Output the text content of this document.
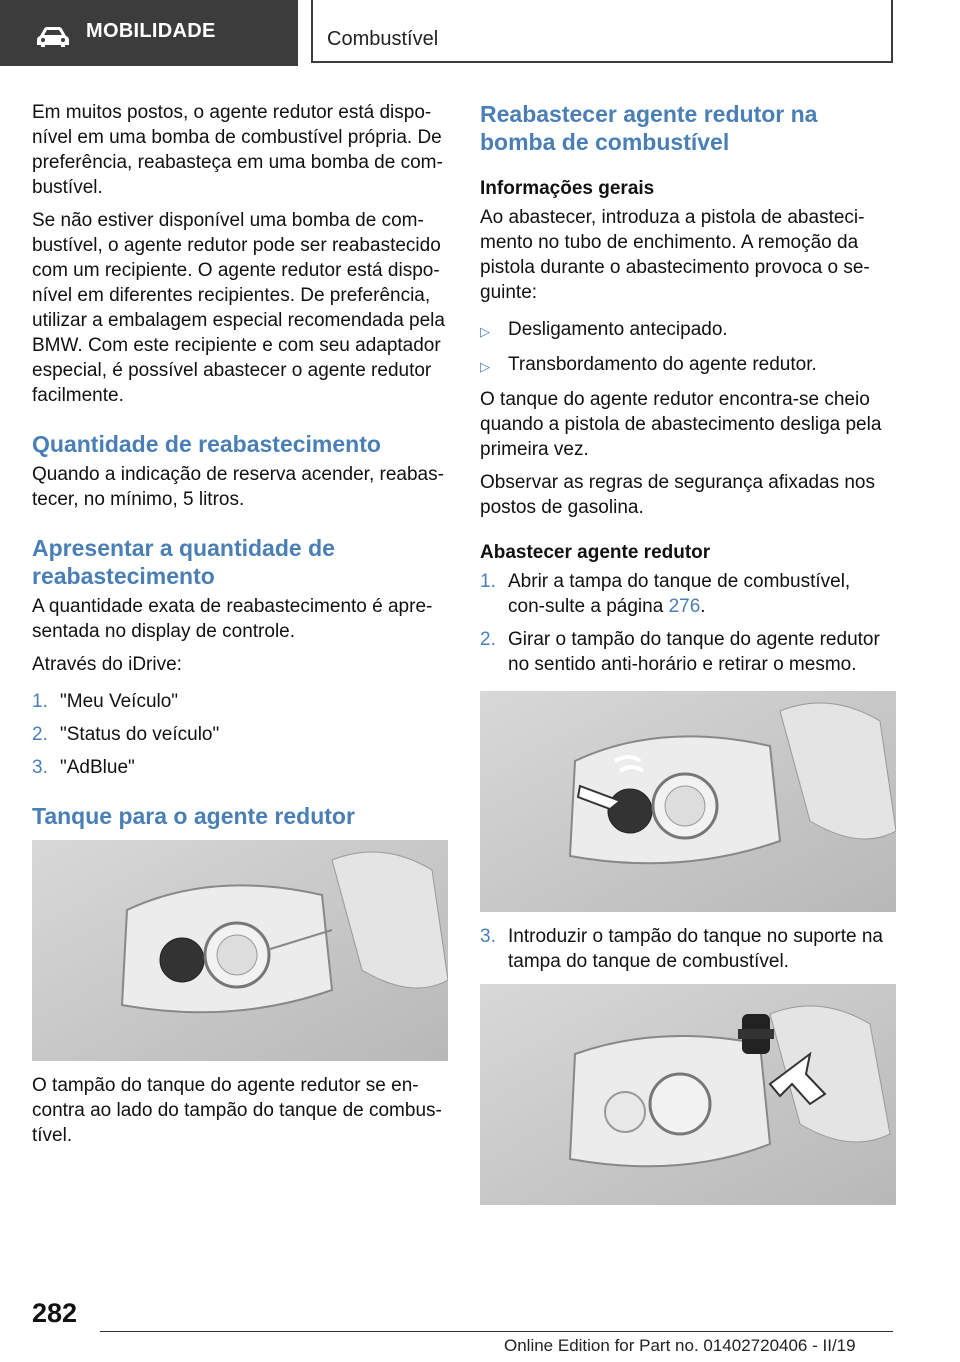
MOBILIDADE	Combustível

Em muitos postos, o agente redutor está dispo-nível em uma bomba de combustível própria. De preferência, reabasteça em uma bomba de com-bustível.

Se não estiver disponível uma bomba de com-bustível, o agente redutor pode ser reabastecido com um recipiente. O agente redutor está dispo-nível em diferentes recipientes. De preferência, utilizar a embalagem especial recomendada pela BMW. Com este recipiente e com seu adaptador especial, é possível abastecer o agente redutor facilmente.

Quantidade de reabastecimento

Quando a indicação de reserva acender, reabas-tecer, no mínimo, 5 litros.

Apresentar a quantidade de reabastecimento

A quantidade exata de reabastecimento é apre-sentada no display de controle.

Através do iDrive:

1. "Meu Veículo"
2. "Status do veículo"
3. "AdBlue"
Tanque para o agente redutor

O tampão do tanque do agente redutor se en-contra ao lado do tampão do tanque de combus-tível.

Reabastecer agente redutor na bomba de combustível
Informações gerais

Ao abastecer, introduza a pistola de abasteci-mento no tubo de enchimento. A remoção da pistola durante o abastecimento provoca o se-guinte:

▷ Desligamento antecipado.
▷ Transbordamento do agente redutor.

O tanque do agente redutor encontra-se cheio quando a pistola de abastecimento desliga pela primeira vez.

Observar as regras de segurança afixadas nos postos de gasolina.

Abastecer agente redutor
1. Abrir a tampa do tanque de combustível, con-sulte a página 276.
2. Girar o tampão do tanque do agente redutor no sentido anti-horário e retirar o mesmo.
3. Introduzir o tampão do tanque no suporte na tampa do tanque de combustível.
282
Online Edition for Part no. 01402720406 - II/19
